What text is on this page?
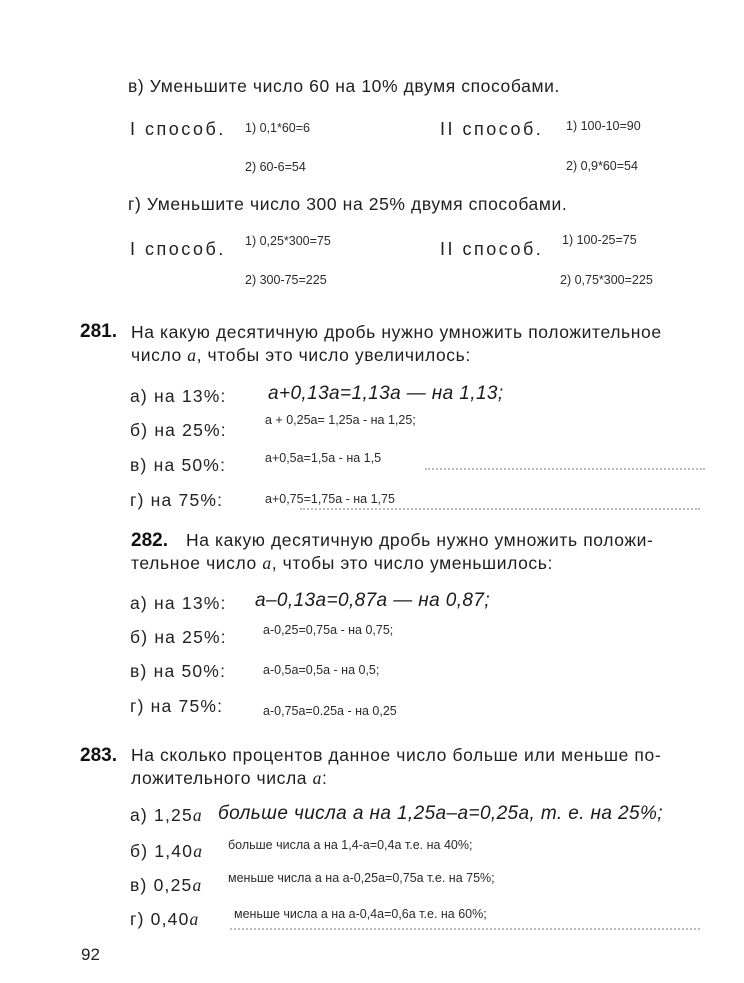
в) Уменьшите число 60 на 10% двумя способами.
I способ. 1) 0,1*60=6
2) 60-6=54
II способ. 1) 100-10=90
2) 0,9*60=54
г) Уменьшите число 300 на 25% двумя способами.
I способ. 1) 0,25*300=75
2) 300-75=225
II способ. 1) 100-25=75
2) 0,75*300=225
281. На какую десятичную дробь нужно умножить положительное
число a, чтобы это число увеличилось:
а) на 13%: a+0,13a=1,13a — на 1,13;
б) на 25%:	a + 0,25a= 1,25a - на 1,25;
в) на 50%:	a+0,5a=1,5a - на 1,5
г) на 75%:	a+0,75=1,75a - на 1,75
282. На какую десятичную дробь нужно умножить положи-
тельное число a, чтобы это число уменьшилось:
а) на 13%: a–0,13a=0,87a — на 0,87;
б) на 25%:	a-0,25=0,75a - на 0,75;
в) на 50%:	a-0,5a=0,5a - на 0,5;
г) на 75%:	a-0,75a=0.25a - на 0,25
283. На сколько процентов данное число больше или меньше по-
ложительного числа a:
а) 1,25a больше числа a на 1,25a–a=0,25a, т. е. на 25%;
б) 1,40a больше числа а на 1,4-а=0,4а т.е. на 40%;
в) 0,25a меньше числа а на а-0,25а=0,75а т.е. на 75%;
г) 0,40a	меньше числа а на а-0,4а=0,6а т.е. на 60%;
92
